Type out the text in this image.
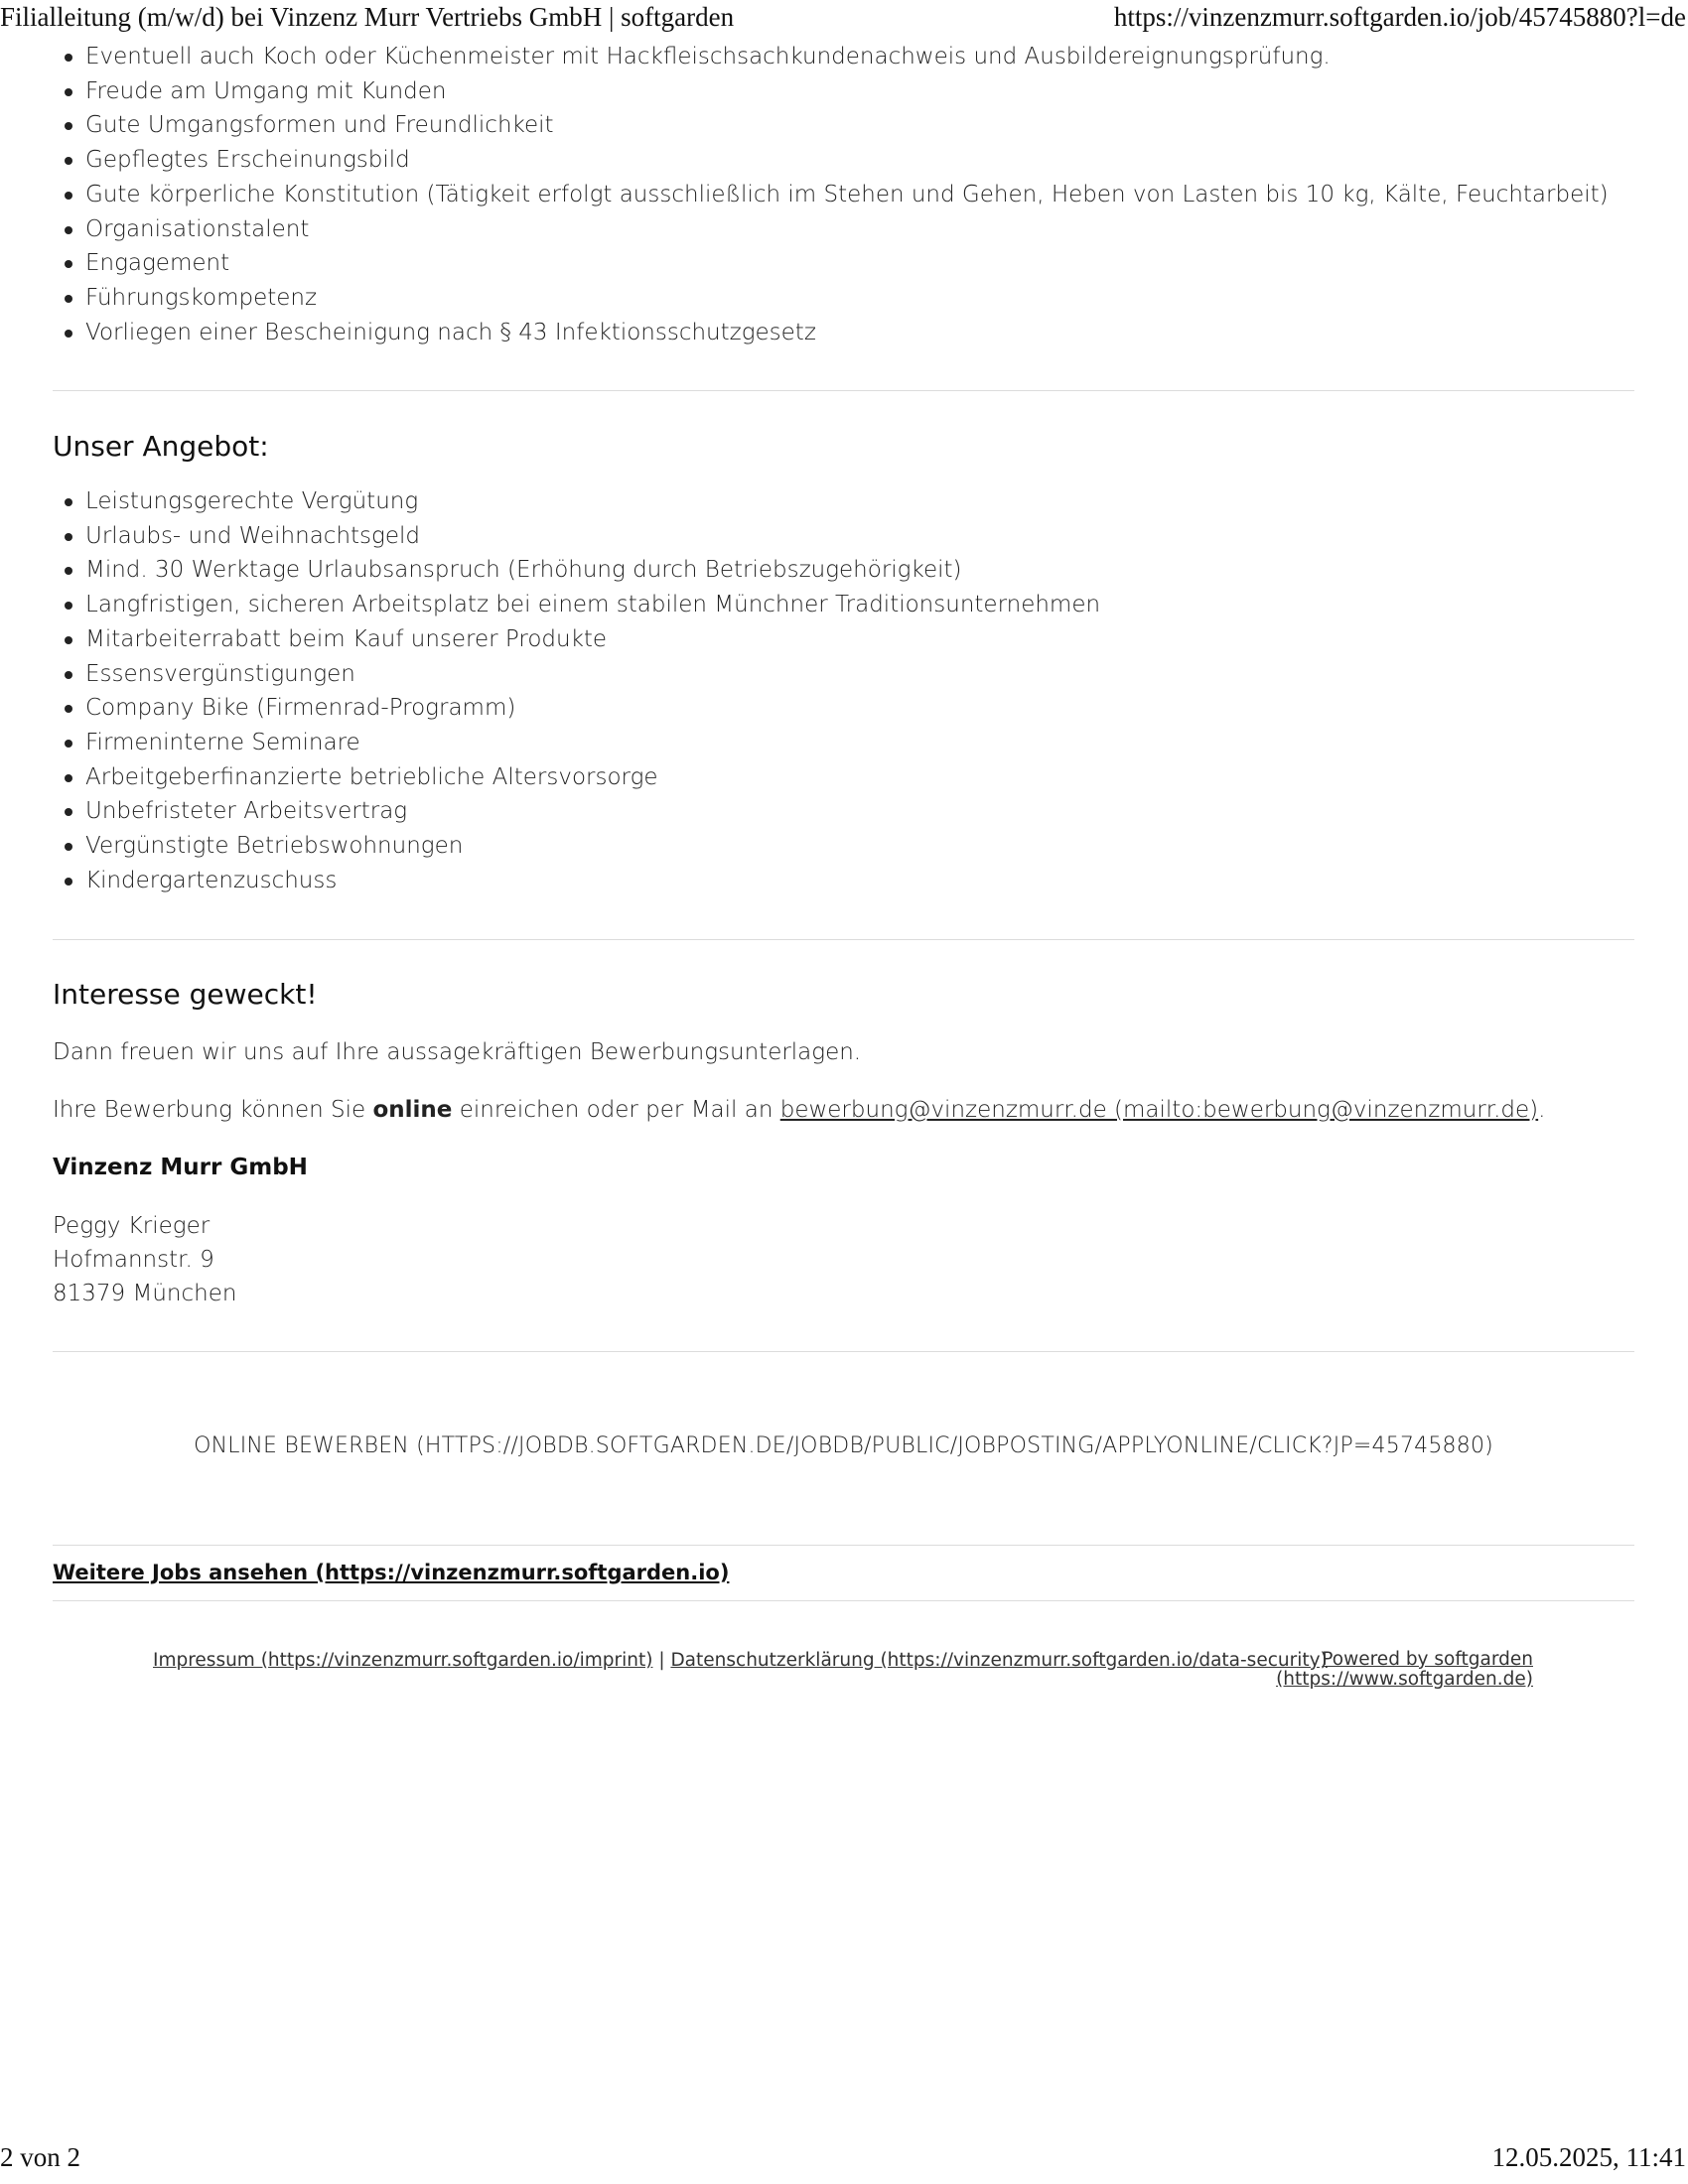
Filialleitung (m/w/d) bei Vinzenz Murr Vertriebs GmbH | softgarden	https://vinzenzmurr.softgarden.io/job/45745880?l=de
Eventuell auch Koch oder Küchenmeister mit Hackfleischsachkundenachweis und Ausbildereignungsprüfung.
Freude am Umgang mit Kunden
Gute Umgangsformen und Freundlichkeit
Gepflegtes Erscheinungsbild
Gute körperliche Konstitution (Tätigkeit erfolgt ausschließlich im Stehen und Gehen, Heben von Lasten bis 10 kg, Kälte, Feuchtarbeit)
Organisationstalent
Engagement
Führungskompetenz
Vorliegen einer Bescheinigung nach § 43 Infektionsschutzgesetz
Unser Angebot:
Leistungsgerechte Vergütung
Urlaubs- und Weihnachtsgeld
Mind. 30 Werktage Urlaubsanspruch (Erhöhung durch Betriebszugehörigkeit)
Langfristigen, sicheren Arbeitsplatz bei einem stabilen Münchner Traditionsunternehmen
Mitarbeiterrabatt beim Kauf unserer Produkte
Essensvergünstigungen
Company Bike (Firmenrad-Programm)
Firmeninterne Seminare
Arbeitgeberfinanzierte betriebliche Altersvorsorge
Unbefristeter Arbeitsvertrag
Vergünstigte Betriebswohnungen
Kindergartenzuschuss
Interesse geweckt!

Dann freuen wir uns auf Ihre aussagekräftigen Bewerbungsunterlagen.

Ihre Bewerbung können Sie online einreichen oder per Mail an bewerbung@vinzenzmurr.de (mailto:bewerbung@vinzenzmurr.de).

Vinzenz Murr GmbH

Peggy Krieger
Hofmannstr. 9
81379 München
ONLINE BEWERBEN (HTTPS://JOBDB.SOFTGARDEN.DE/JOBDB/PUBLIC/JOBPOSTING/APPLYONLINE/CLICK?JP=45745880)
Weitere Jobs ansehen (https://vinzenzmurr.softgarden.io)
Impressum (https://vinzenzmurr.softgarden.io/imprint) | Datenschutzerklärung (https://vinzenzmurr.softgarden.io/data-security)
Powered by softgarden
(https://www.softgarden.de)
2 von 2	12.05.2025, 11:41
